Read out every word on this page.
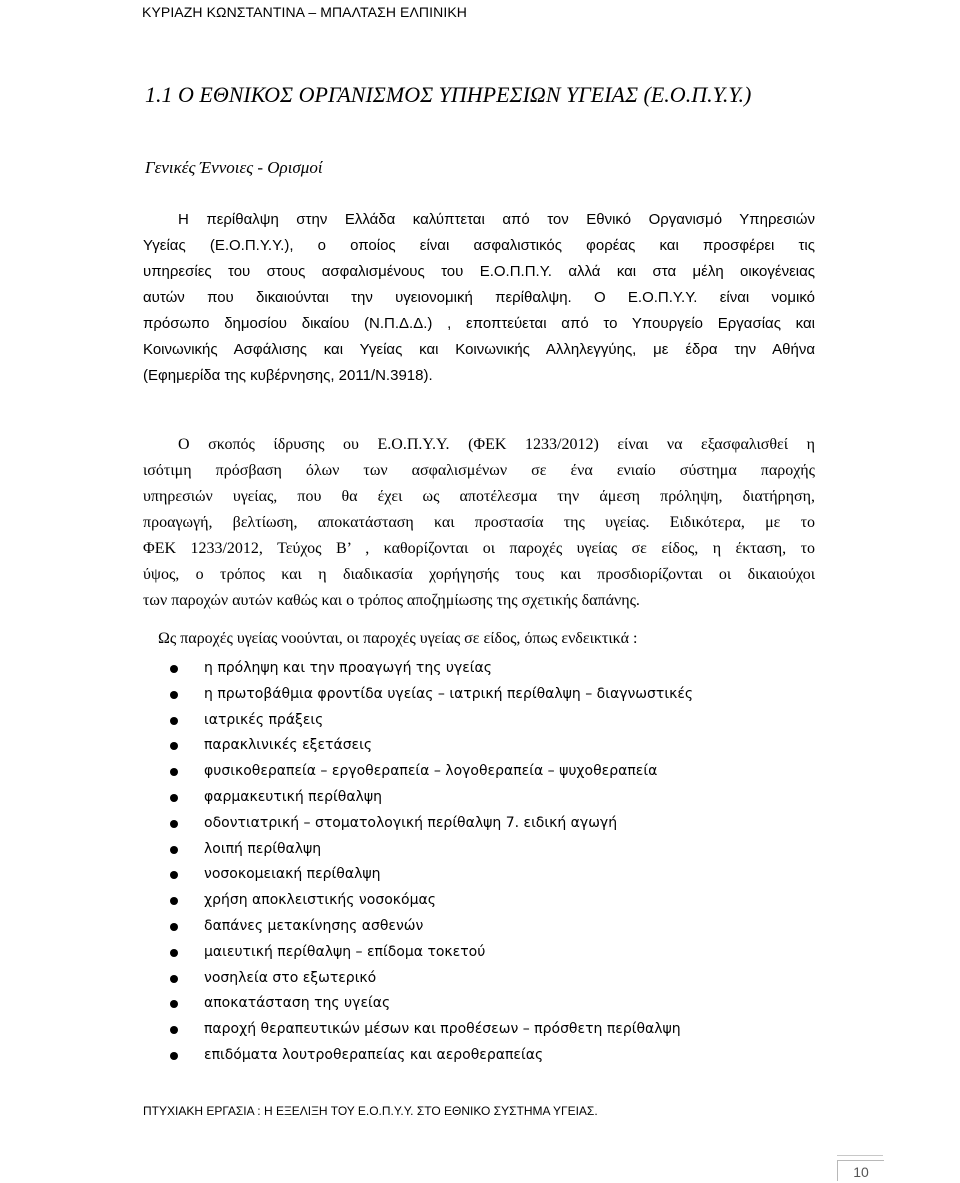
ΚΥΡΙΑΖΗ ΚΩΝΣΤΑΝΤΙΝΑ – ΜΠΑΛΤΑΣΗ ΕΛΠΙΝΙΚΗ
1.1 Ο ΕΘΝΙΚΟΣ ΟΡΓΑΝΙΣΜΟΣ ΥΠΗΡΕΣΙΩΝ ΥΓΕΙΑΣ (Ε.Ο.Π.Υ.Υ.)
Γενικές Έννοιες - Ορισμοί
Η περίθαλψη στην Ελλάδα καλύπτεται από τον Εθνικό Οργανισμό Υπηρεσιών
Υγείας (Ε.Ο.Π.Υ.Υ.), ο οποίος είναι ασφαλιστικός φορέας και προσφέρει τις
υπηρεσίες του στους ασφαλισμένους του Ε.Ο.Π.Π.Υ. αλλά και στα μέλη οικογένειας
αυτών που δικαιούνται την υγειονομική περίθαλψη. Ο Ε.Ο.Π.Υ.Υ. είναι νομικό
πρόσωπο δημοσίου δικαίου (Ν.Π.Δ.Δ.) , εποπτεύεται από το Υπουργείο Εργασίας και
Κοινωνικής Ασφάλισης και Υγείας και Κοινωνικής Αλληλεγγύης, με έδρα την Αθήνα
(Εφημερίδα της κυβέρνησης, 2011/Ν.3918).
Ο σκοπός ίδρυσης ου Ε.Ο.Π.Υ.Υ. (ΦΕΚ 1233/2012) είναι να εξασφαλισθεί η
ισότιμη πρόσβαση όλων των ασφαλισμένων σε ένα ενιαίο σύστημα παροχής
υπηρεσιών υγείας, που θα έχει ως αποτέλεσμα την άμεση πρόληψη, διατήρηση,
προαγωγή, βελτίωση, αποκατάσταση και προστασία της υγείας. Ειδικότερα, με το
ΦΕΚ 1233/2012, Τεύχος Β’ , καθορίζονται οι παροχές υγείας σε είδος, η έκταση, το
ύψος, ο τρόπος και η διαδικασία χορήγησής τους και προσδιορίζονται οι δικαιούχοι
των παροχών αυτών καθώς και ο τρόπος αποζημίωσης της σχετικής δαπάνης.
Ως παροχές υγείας νοούνται, οι παροχές υγείας σε είδος, όπως ενδεικτικά :
η πρόληψη και την προαγωγή της υγείας
η πρωτοβάθμια φροντίδα υγείας – ιατρική περίθαλψη – διαγνωστικές
ιατρικές πράξεις
παρακλινικές εξετάσεις
φυσικοθεραπεία – εργοθεραπεία – λογοθεραπεία – ψυχοθεραπεία
φαρμακευτική περίθαλψη
οδοντιατρική – στοματολογική περίθαλψη 7. ειδική αγωγή
λοιπή περίθαλψη
νοσοκομειακή περίθαλψη
χρήση αποκλειστικής νοσοκόμας
δαπάνες μετακίνησης ασθενών
μαιευτική περίθαλψη – επίδομα τοκετού
νοσηλεία στο εξωτερικό
αποκατάσταση της υγείας
παροχή θεραπευτικών μέσων και προθέσεων – πρόσθετη περίθαλψη
επιδόματα λουτροθεραπείας και αεροθεραπείας
ΠΤΥΧΙΑΚΗ ΕΡΓΑΣΙΑ : Η ΕΞΕΛΙΞΗ ΤΟΥ Ε.Ο.Π.Υ.Υ. ΣΤΟ ΕΘΝΙΚΟ ΣΥΣΤΗΜΑ ΥΓΕΙΑΣ.
10
